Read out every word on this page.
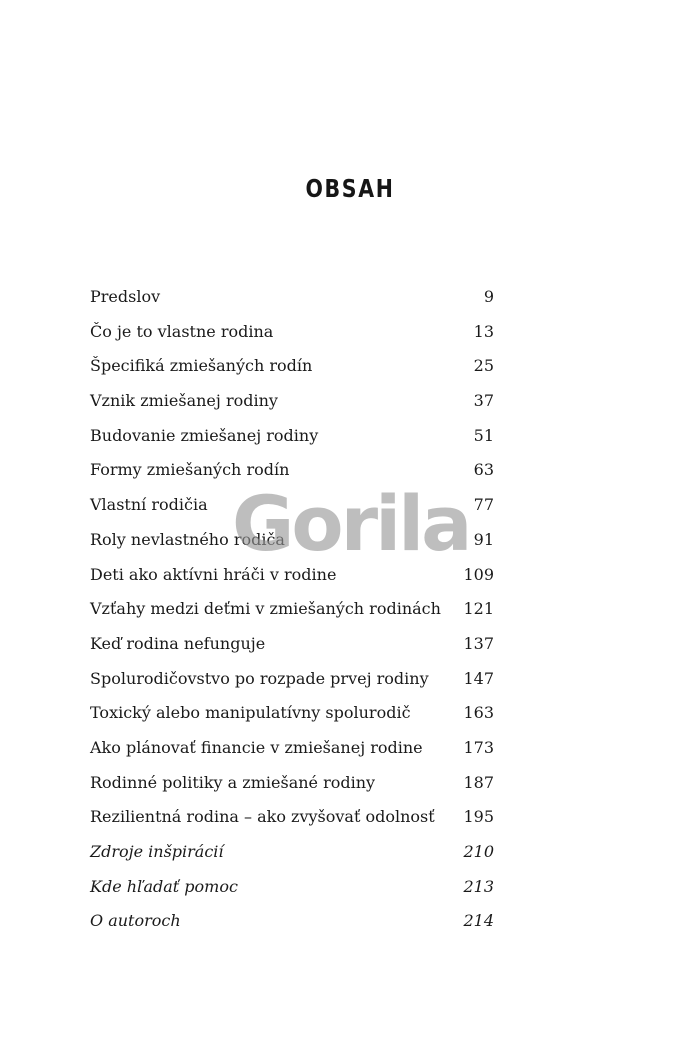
OBSAH
Predslov	9
Čo je to vlastne rodina	13
Špecifiká zmiešaných rodín	25
Vznik zmiešanej rodiny	37
Budovanie zmiešanej rodiny	51
Formy zmiešaných rodín	63
Vlastní rodičia	77
Roly nevlastného rodiča	91
Deti ako aktívni hráči v rodine	109
Vzťahy medzi deťmi v zmiešaných rodinách 121
Keď rodina nefunguje	137
Spolurodičovstvo po rozpade prvej rodiny 147
Toxický alebo manipulatívny spolurodič	163
Ako plánovať financie v zmiešanej rodine	173
Rodinné politiky a zmiešané rodiny	187
Rezilientná rodina – ako zvyšovať odolnosť 195
Zdroje inšpirácií	210
Kde hľadať pomoc	213
O autoroch	214
Gorila
